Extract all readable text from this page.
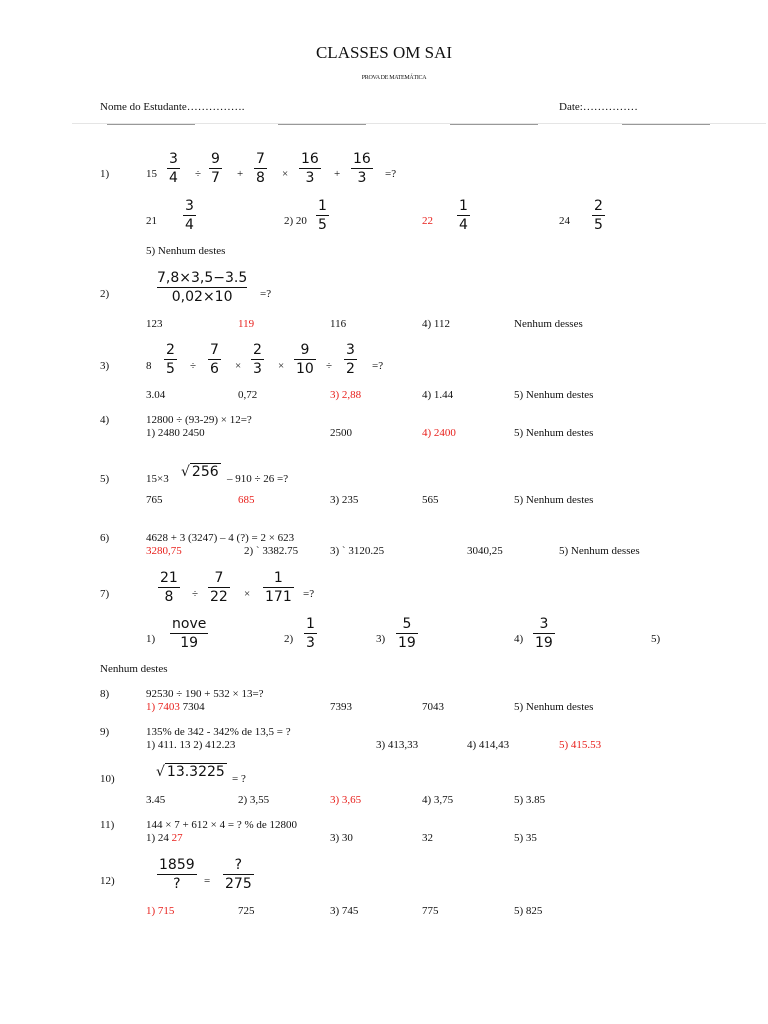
CLASSES OM SAI
PROVA DE MATEMÁTICA
Nome do Estudante…………….	Date:……………
1)	15
3
4 ÷
9
7 +
7
8 ×
16
3 +
16
3 =?
21
3
4	2) 20
1
5	22
1
4	24
2
5
5) Nenhum destes
2)
7,8×3,5−3.5
0,02×10	=?
123	119	116	4) 112	Nenhum desses
3)	8
2
5 ÷
7
6 ×
2
3 ×
9
10 ÷
3
2 =?
3.04	0,72	3) 2,88	4) 1.44	5) Nenhum destes
4)	12800 ÷ (93-29) × 12=?
1) 2480 2450	2500	4) 2400	5) Nenhum destes
5)	15×3 √ 256 – 910 ÷ 26 =?
765	685	3) 235	565	5) Nenhum destes
6)	4628 + 3 (3247) – 4 (?) = 2 × 623
3280,75	2) ` 3382.75	3) ` 3120.25	3040,25	5) Nenhum desses
7)
21
8 ÷
7
22 ×
1
171 =?
1)
nove
19	2)
1
3	3)
5
19	4)
3
19	5)
Nenhum destes
8)	92530 ÷ 190 + 532 × 13=?
1) 7403 7304	7393	7043	5) Nenhum destes
9)	135% de 342 - 342% de 13,5 = ?
1) 411. 13 2) 412.23	3) 413,33	4) 414,43	5) 415.53
10)	√ 13.3225 = ?
3.45	2) 3,55	3) 3,65	4) 3,75	5) 3.85
11)	144 × 7 + 612 × 4 = ? % de 12800
1) 24 27	3) 30	32	5) 35
12)
1859
? =
?
275
1) 715	725	3) 745	775	5) 825
